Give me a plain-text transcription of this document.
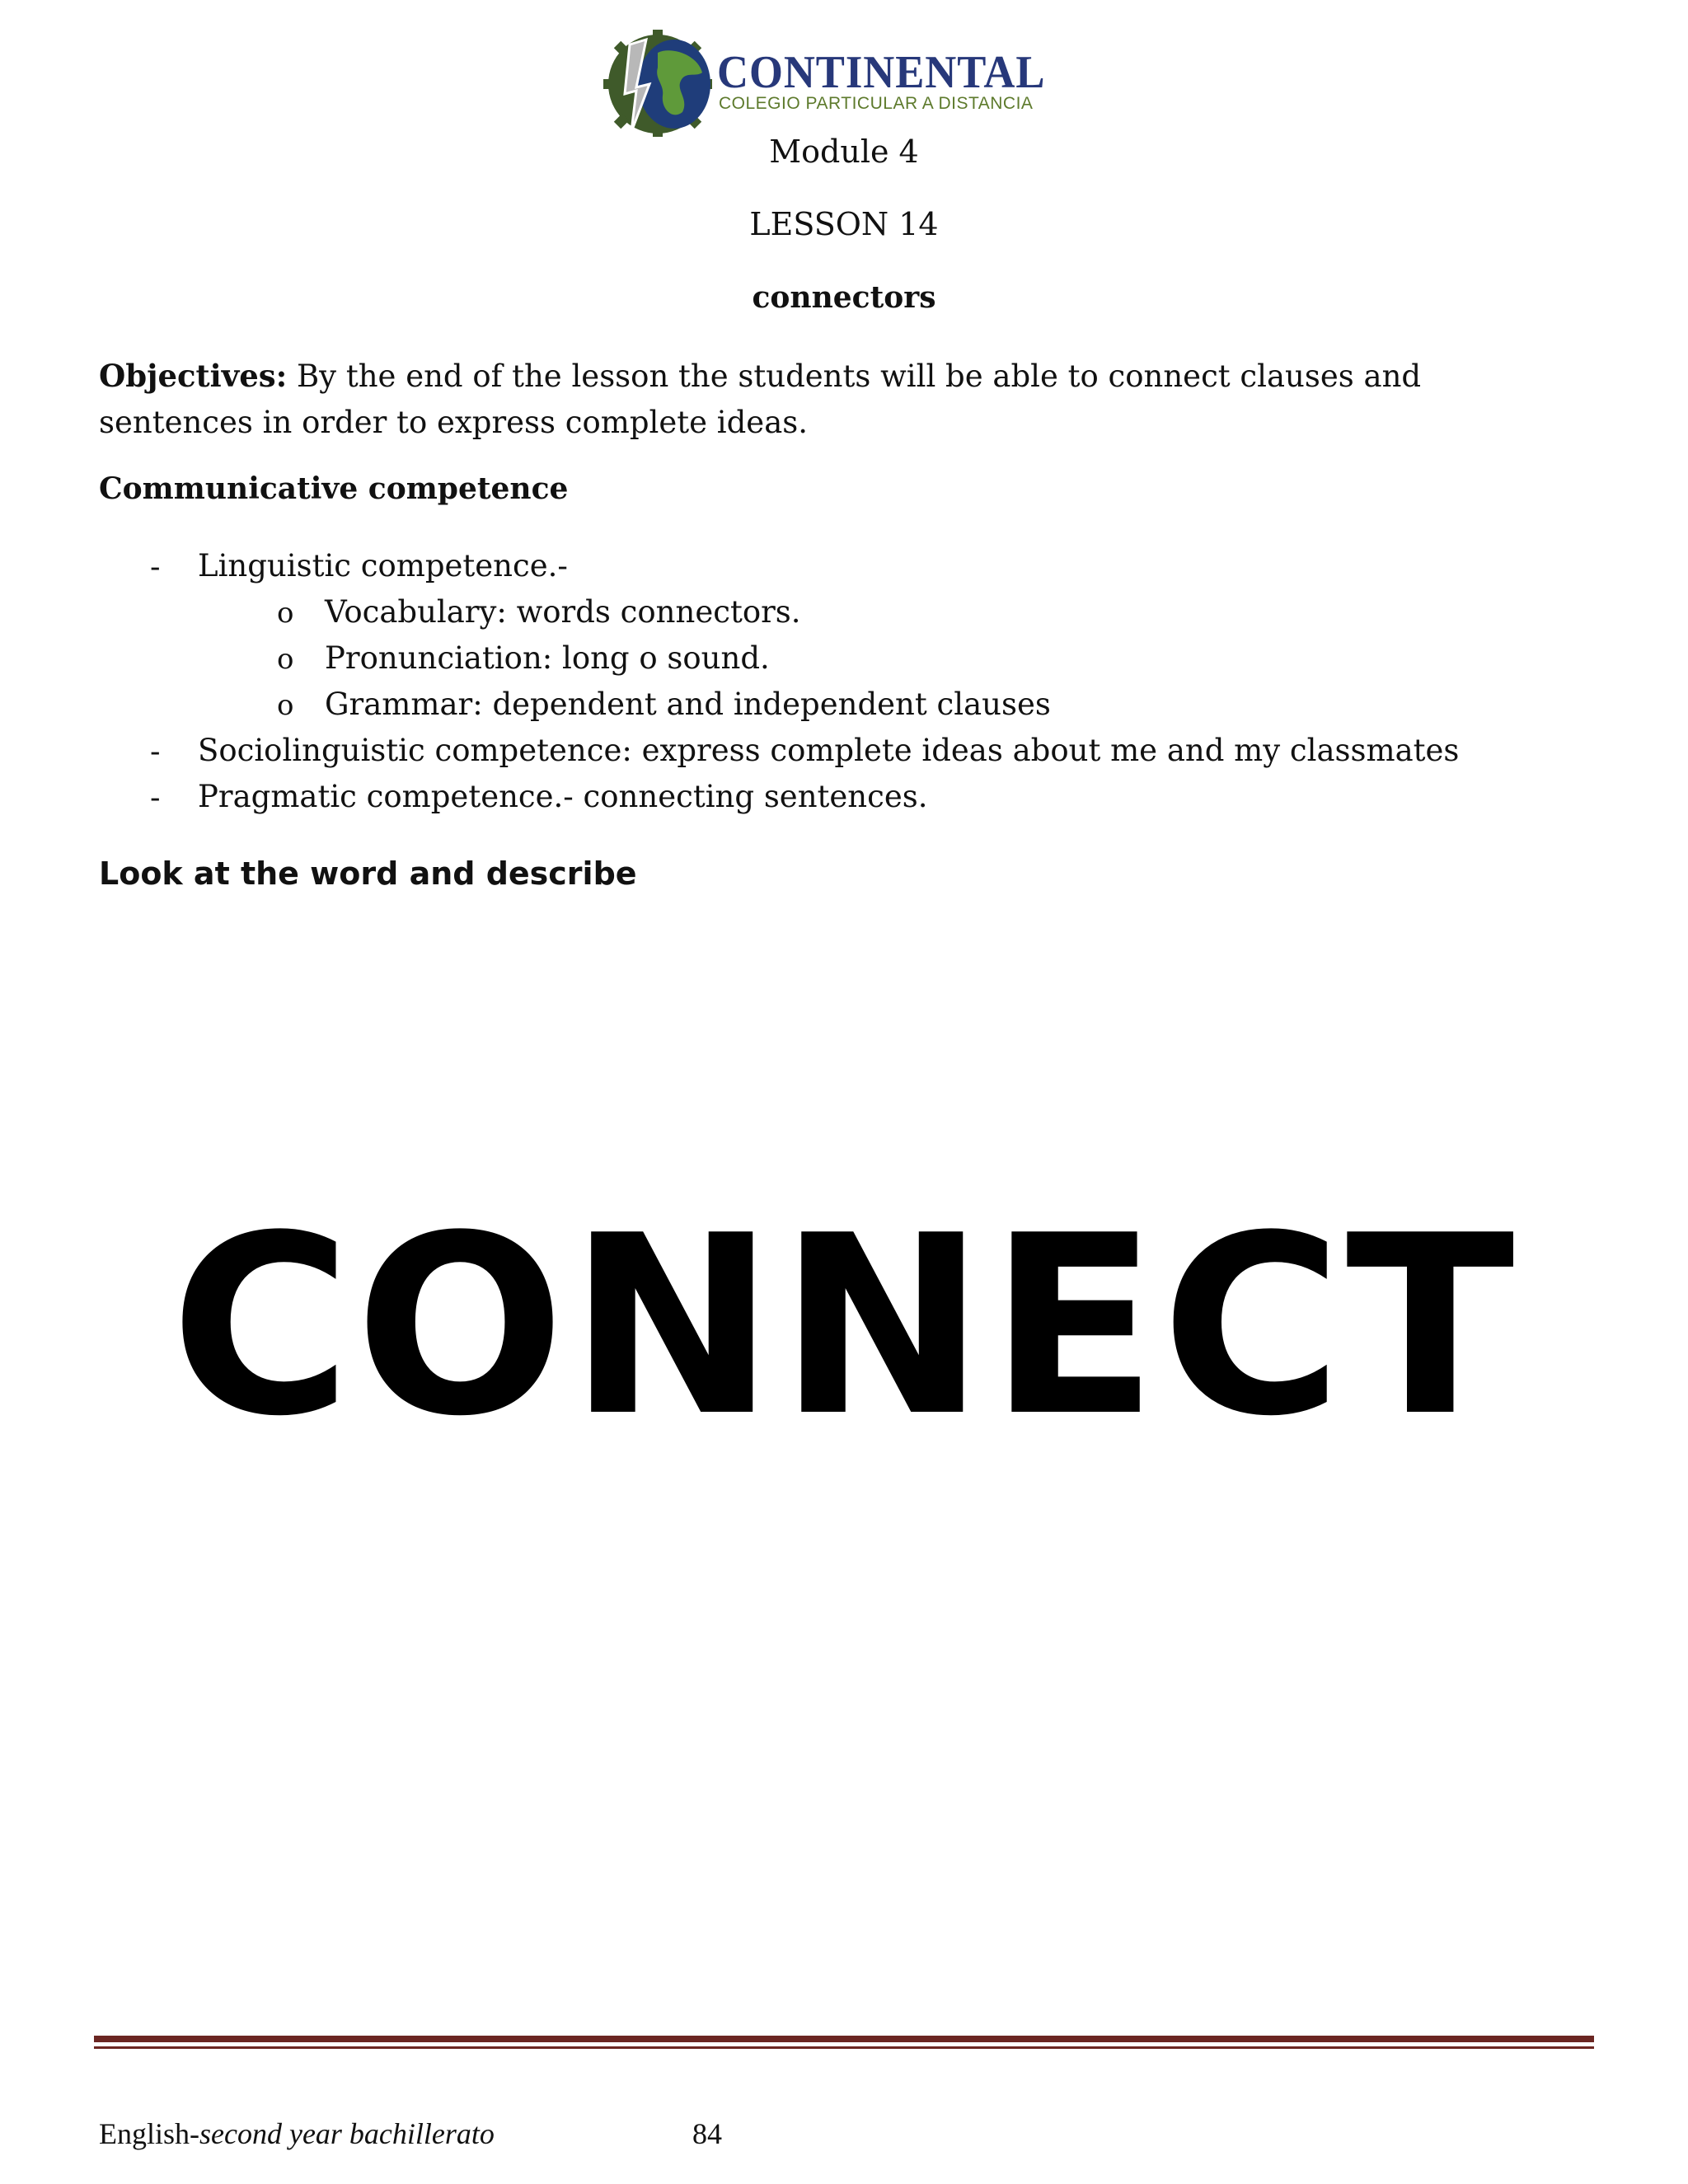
CONTINENTAL
COLEGIO PARTICULAR A DISTANCIA
Module 4
LESSON 14
connectors
Objectives: By the end of the lesson the students will be able to connect clauses and sentences in order to express complete ideas.
Communicative competence
- Linguistic competence.-
o Vocabulary: words connectors.
o Pronunciation: long o sound.
o Grammar: dependent and independent clauses
- Sociolinguistic competence: express complete ideas about me and my classmates
- Pragmatic competence.- connecting sentences.
Look at the word and describe
CONNECT
English-second year bachillerato	84
